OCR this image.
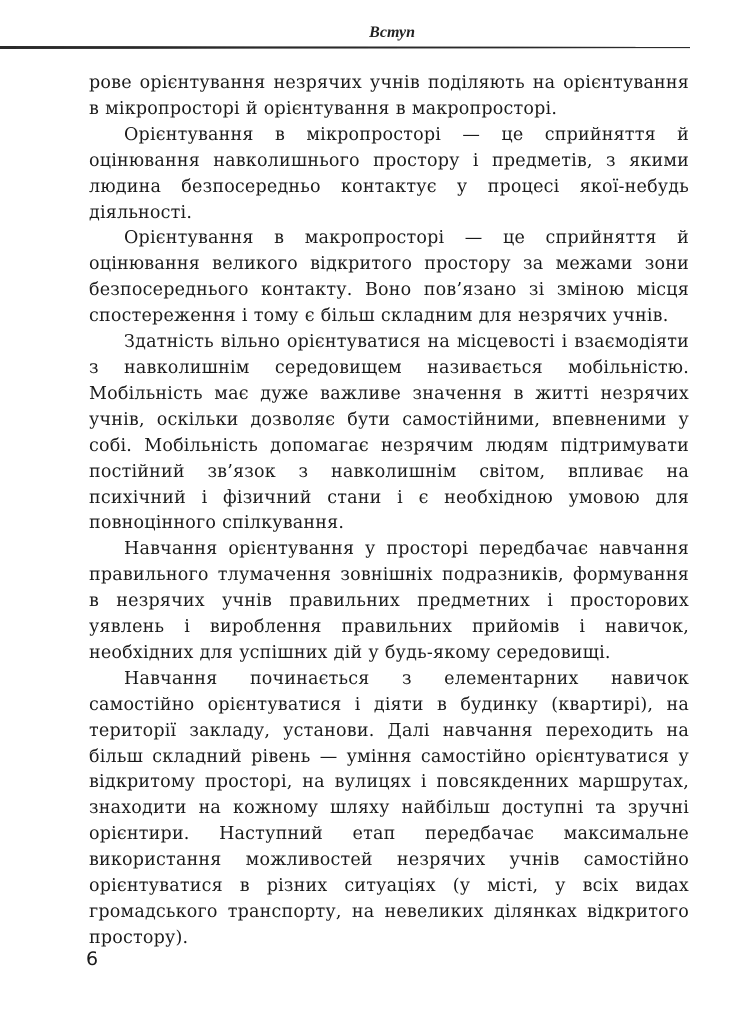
Вступ

рове орієнтування незрячих учнів поділяють на орієнтування в мікропросторі й орієнтування в макропросторі.

Орієнтування в мікропросторі — це сприйняття й оцінювання навколишнього простору і предметів, з якими людина безпосередньо контактує у процесі якої-небудь діяльності.

Орієнтування в макропросторі — це сприйняття й оцінювання великого відкритого простору за межами зони безпосереднього контакту. Воно пов’язано зі зміною місця спостереження і тому є більш складним для незрячих учнів.

Здатність вільно орієнтуватися на місцевості і взаємодіяти з навколишнім середовищем називається мобільністю. Мобільність має дуже важливе значення в житті незрячих учнів, оскільки дозволяє бути самостійними, впевненими у собі. Мобільність допомагає незрячим людям підтримувати постійний зв’язок з навколишнім світом, впливає на психічний і фізичний стани і є необхідною умовою для повноцінного спілкування.

Навчання орієнтування у просторі передбачає навчання правильного тлумачення зовнішніх подразників, формування в незрячих учнів правильних предметних і просторових уявлень і вироблення правильних прийомів і навичок, необхідних для успішних дій у будь-якому середовищі.

Навчання починається з елементарних навичок самостійно орієнтуватися і діяти в будинку (квартирі), на території закладу, установи. Далі навчання переходить на більш складний рівень — уміння самостійно орієнтуватися у відкритому просторі, на вулицях і повсякденних маршрутах, знаходити на кожному шляху найбільш доступні та зручні орієнтири. Наступний етап передбачає максимальне використання можливостей незрячих учнів самостійно орієнтуватися в різних ситуаціях (у місті, у всіх видах громадського транспорту, на невеликих ділянках відкритого простору).

6
